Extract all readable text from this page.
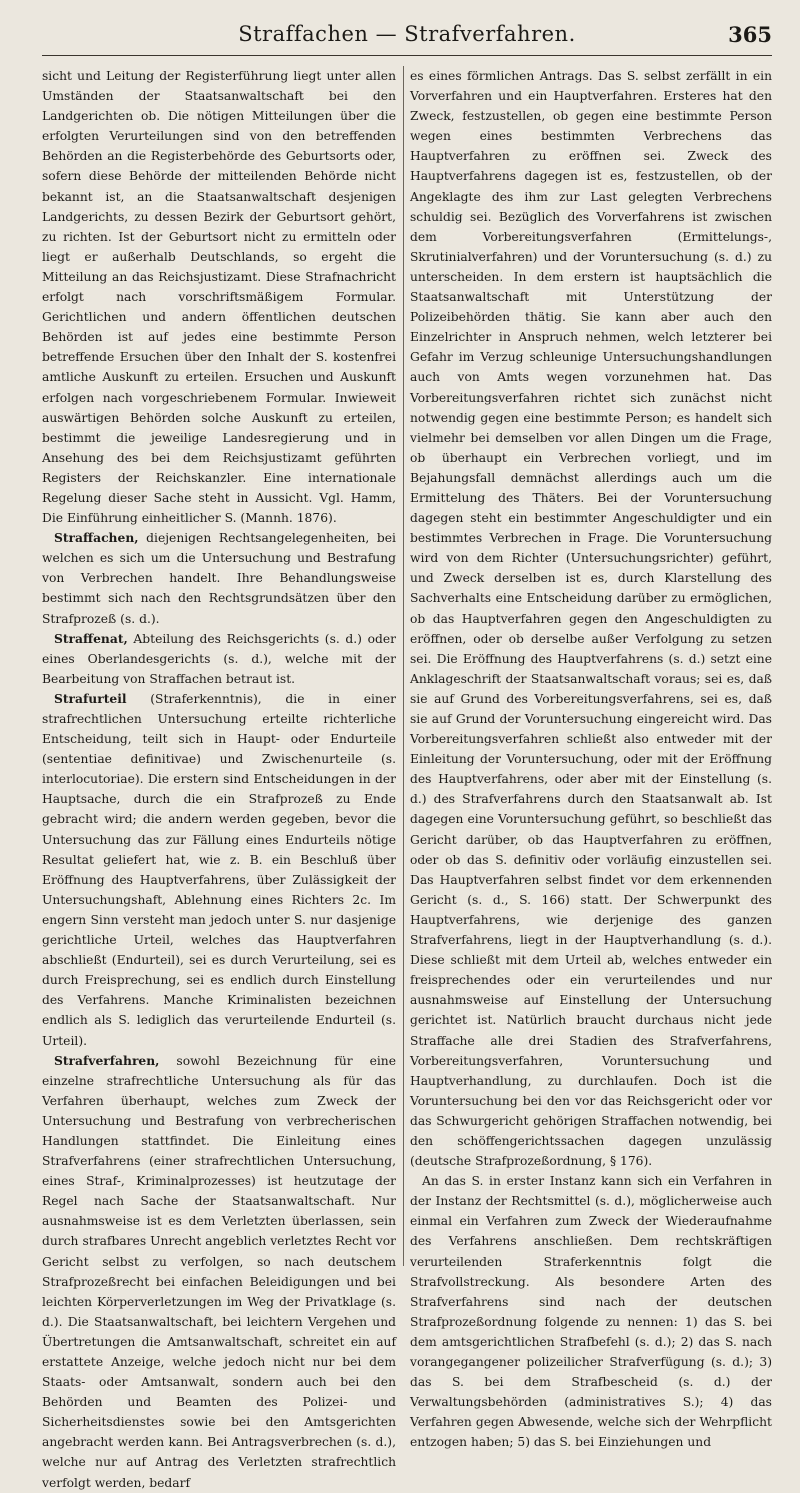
Straffachen — Strafverfahren.	365

sicht und Leitung der Registerführung liegt unter allen Umständen der Staatsanwaltschaft bei den Landgerichten ob. Die nötigen Mitteilungen über die erfolgten Verurteilungen sind von den betreffenden Behörden an die Registerbehörde des Geburtsorts oder, sofern diese Behörde der mitteilenden Behörde nicht bekannt ist, an die Staatsanwaltschaft desjenigen Landgerichts, zu dessen Bezirk der Geburtsort gehört, zu richten. Ist der Geburtsort nicht zu ermitteln oder liegt er außerhalb Deutschlands, so ergeht die Mitteilung an das Reichsjustizamt. Diese Strafnachricht erfolgt nach vorschriftsmäßigem Formular. Gerichtlichen und andern öffentlichen deutschen Behörden ist auf jedes eine bestimmte Person betreffende Ersuchen über den Inhalt der S. kostenfrei amtliche Auskunft zu erteilen. Ersuchen und Auskunft erfolgen nach vorgeschriebenem Formular. Inwieweit auswärtigen Behörden solche Auskunft zu erteilen, bestimmt die jeweilige Landesregierung und in Ansehung des bei dem Reichsjustizamt geführten Registers der Reichskanzler. Eine internationale Regelung dieser Sache steht in Aussicht. Vgl. Hamm, Die Einführung einheitlicher S. (Mannh. 1876).

Straffachen, diejenigen Rechtsangelegenheiten, bei welchen es sich um die Untersuchung und Bestrafung von Verbrechen handelt. Ihre Behandlungsweise bestimmt sich nach den Rechtsgrundsätzen über den Strafprozeß (s. d.).

Straffenat, Abteilung des Reichsgerichts (s. d.) oder eines Oberlandesgerichts (s. d.), welche mit der Bearbeitung von Straffachen betraut ist.

Strafurteil (Straferkenntnis), die in einer strafrechtlichen Untersuchung erteilte richterliche Entscheidung, teilt sich in Haupt- oder Endurteile (sententiae definitivae) und Zwischenurteile (s. interlocutoriae). Die erstern sind Entscheidungen in der Hauptsache, durch die ein Strafprozeß zu Ende gebracht wird; die andern werden gegeben, bevor die Untersuchung das zur Fällung eines Endurteils nötige Resultat geliefert hat, wie z. B. ein Beschluß über Eröffnung des Hauptverfahrens, über Zulässigkeit der Untersuchungshaft, Ablehnung eines Richters 2c. Im engern Sinn versteht man jedoch unter S. nur dasjenige gerichtliche Urteil, welches das Hauptverfahren abschließt (Endurteil), sei es durch Verurteilung, sei es durch Freisprechung, sei es endlich durch Einstellung des Verfahrens. Manche Kriminalisten bezeichnen endlich als S. lediglich das verurteilende Endurteil (s. Urteil).

Strafverfahren, sowohl Bezeichnung für eine einzelne strafrechtliche Untersuchung als für das Verfahren überhaupt, welches zum Zweck der Untersuchung und Bestrafung von verbrecherischen Handlungen stattfindet. Die Einleitung eines Strafverfahrens (einer strafrechtlichen Untersuchung, eines Straf-, Kriminalprozesses) ist heutzutage der Regel nach Sache der Staatsanwaltschaft. Nur ausnahmsweise ist es dem Verletzten überlassen, sein durch strafbares Unrecht angeblich verletztes Recht vor Gericht selbst zu verfolgen, so nach deutschem Strafprozeßrecht bei einfachen Beleidigungen und bei leichten Körperverletzungen im Weg der Privatklage (s. d.). Die Staatsanwaltschaft, bei leichtern Vergehen und Übertretungen die Amtsanwaltschaft, schreitet ein auf erstattete Anzeige, welche jedoch nicht nur bei dem Staats- oder Amtsanwalt, sondern auch bei den Behörden und Beamten des Polizei- und Sicherheitsdienstes sowie bei den Amtsgerichten angebracht werden kann. Bei Antragsverbrechen (s. d.), welche nur auf Antrag des Verletzten strafrechtlich verfolgt werden, bedarf

es eines förmlichen Antrags. Das S. selbst zerfällt in ein Vorverfahren und ein Hauptverfahren. Ersteres hat den Zweck, festzustellen, ob gegen eine bestimmte Person wegen eines bestimmten Verbrechens das Hauptverfahren zu eröffnen sei. Zweck des Hauptverfahrens dagegen ist es, festzustellen, ob der Angeklagte des ihm zur Last gelegten Verbrechens schuldig sei. Bezüglich des Vorverfahrens ist zwischen dem Vorbereitungsverfahren (Ermittelungs-, Skrutinialverfahren) und der Voruntersuchung (s. d.) zu unterscheiden. In dem erstern ist hauptsächlich die Staatsanwaltschaft mit Unterstützung der Polizeibehörden thätig. Sie kann aber auch den Einzelrichter in Anspruch nehmen, welch letzterer bei Gefahr im Verzug schleunige Untersuchungshandlungen auch von Amts wegen vorzunehmen hat. Das Vorbereitungsverfahren richtet sich zunächst nicht notwendig gegen eine bestimmte Person; es handelt sich vielmehr bei demselben vor allen Dingen um die Frage, ob überhaupt ein Verbrechen vorliegt, und im Bejahungsfall demnächst allerdings auch um die Ermittelung des Thäters. Bei der Voruntersuchung dagegen steht ein bestimmter Angeschuldigter und ein bestimmtes Verbrechen in Frage. Die Voruntersuchung wird von dem Richter (Untersuchungsrichter) geführt, und Zweck derselben ist es, durch Klarstellung des Sachverhalts eine Entscheidung darüber zu ermöglichen, ob das Hauptverfahren gegen den Angeschuldigten zu eröffnen, oder ob derselbe außer Verfolgung zu setzen sei. Die Eröffnung des Hauptverfahrens (s. d.) setzt eine Anklageschrift der Staatsanwaltschaft voraus; sei es, daß sie auf Grund des Vorbereitungsverfahrens, sei es, daß sie auf Grund der Voruntersuchung eingereicht wird. Das Vorbereitungsverfahren schließt also entweder mit der Einleitung der Voruntersuchung, oder mit der Eröffnung des Hauptverfahrens, oder aber mit der Einstellung (s. d.) des Strafverfahrens durch den Staatsanwalt ab. Ist dagegen eine Voruntersuchung geführt, so beschließt das Gericht darüber, ob das Hauptverfahren zu eröffnen, oder ob das S. definitiv oder vorläufig einzustellen sei. Das Hauptverfahren selbst findet vor dem erkennenden Gericht (s. d., S. 166) statt. Der Schwerpunkt des Hauptverfahrens, wie derjenige des ganzen Strafverfahrens, liegt in der Hauptverhandlung (s. d.). Diese schließt mit dem Urteil ab, welches entweder ein freisprechendes oder ein verurteilendes und nur ausnahmsweise auf Einstellung der Untersuchung gerichtet ist. Natürlich braucht durchaus nicht jede Straffache alle drei Stadien des Strafverfahrens, Vorbereitungsverfahren, Voruntersuchung und Hauptverhandlung, zu durchlaufen. Doch ist die Voruntersuchung bei den vor das Reichsgericht oder vor das Schwurgericht gehörigen Straffachen notwendig, bei den schöffengerichtssachen dagegen unzulässig (deutsche Strafprozeßordnung, § 176).

An das S. in erster Instanz kann sich ein Verfahren in der Instanz der Rechtsmittel (s. d.), möglicherweise auch einmal ein Verfahren zum Zweck der Wiederaufnahme des Verfahrens anschließen. Dem rechtskräftigen verurteilenden Straferkenntnis folgt die Strafvollstreckung. Als besondere Arten des Strafverfahrens sind nach der deutschen Strafprozeßordnung folgende zu nennen: 1) das S. bei dem amtsgerichtlichen Strafbefehl (s. d.); 2) das S. nach vorangegangener polizeilicher Strafverfügung (s. d.); 3) das S. bei dem Strafbescheid (s. d.) der Verwaltungsbehörden (administratives S.); 4) das Verfahren gegen Abwesende, welche sich der Wehrpflicht entzogen haben; 5) das S. bei Einziehungen und
